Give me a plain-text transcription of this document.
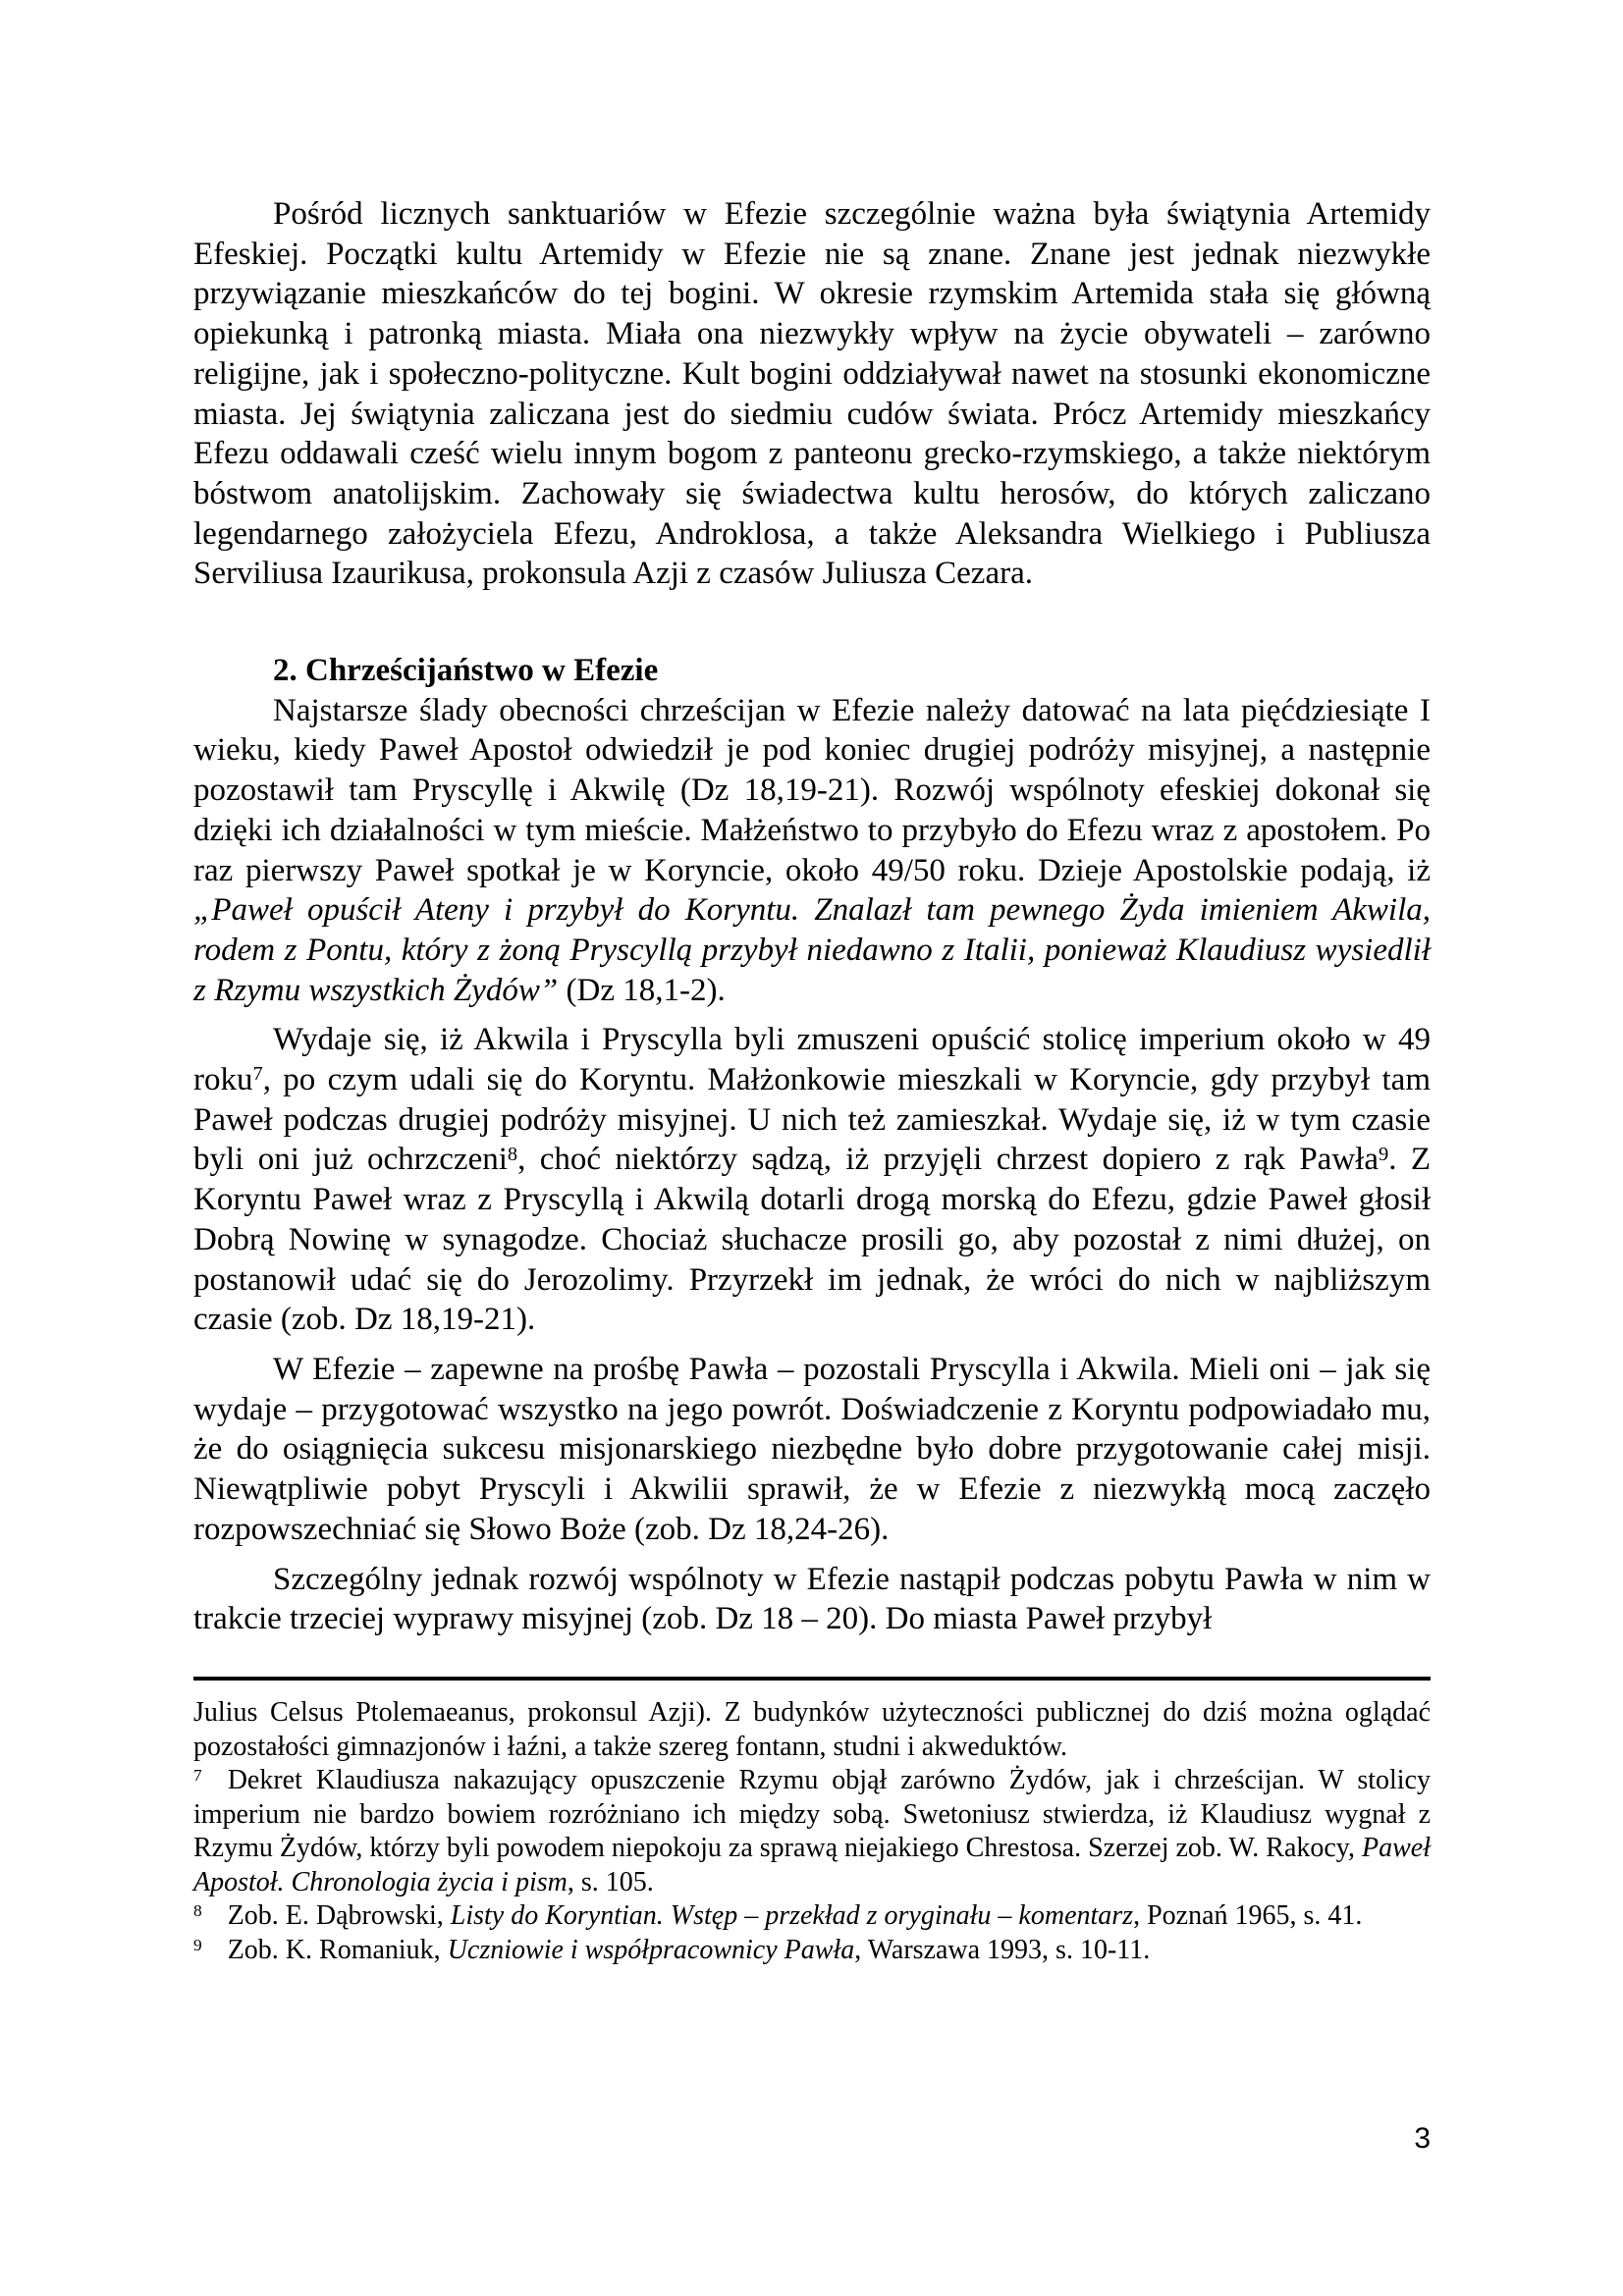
Pośród licznych sanktuariów w Efezie szczególnie ważna była świątynia Artemidy Efeskiej. Początki kultu Artemidy w Efezie nie są znane. Znane jest jednak niezwykłe przywiązanie mieszkańców do tej bogini. W okresie rzymskim Artemida stała się główną opiekunką i patronką miasta. Miała ona niezwykły wpływ na życie obywateli – zarówno religijne, jak i społeczno-polityczne. Kult bogini oddziaływał nawet na stosunki ekonomiczne miasta. Jej świątynia zaliczana jest do siedmiu cudów świata. Prócz Artemidy mieszkańcy Efezu oddawali cześć wielu innym bogom z panteonu grecko-rzymskiego, a także niektórym bóstwom anatolijskim. Zachowały się świadectwa kultu herosów, do których zaliczano legendarnego założyciela Efezu, Androklosa, a także Aleksandra Wielkiego i Publiusza Serviliusa Izaurikusa, prokonsula Azji z czasów Juliusza Cezara.

2. Chrześcijaństwo w Efezie

Najstarsze ślady obecności chrześcijan w Efezie należy datować na lata pięćdziesiąte I wieku, kiedy Paweł Apostoł odwiedził je pod koniec drugiej podróży misyjnej, a następnie pozostawił tam Pryscyllę i Akwilę (Dz 18,19-21). Rozwój wspólnoty efeskiej dokonał się dzięki ich działalności w tym mieście. Małżeństwo to przybyło do Efezu wraz z apostołem. Po raz pierwszy Paweł spotkał je w Koryncie, około 49/50 roku. Dzieje Apostolskie podają, iż „Paweł opuścił Ateny i przybył do Koryntu. Znalazł tam pewnego Żyda imieniem Akwila, rodem z Pontu, który z żoną Pryscyllą przybył niedawno z Italii, ponieważ Klaudiusz wysiedlił z Rzymu wszystkich Żydów” (Dz 18,1-2).

Wydaje się, iż Akwila i Pryscylla byli zmuszeni opuścić stolicę imperium około w 49 roku$^7$, po czym udali się do Koryntu. Małżonkowie mieszkali w Koryncie, gdy przybył tam Paweł podczas drugiej podróży misyjnej. U nich też zamieszkał. Wydaje się, iż w tym czasie byli oni już ochrzczeni$^8$, choć niektórzy sądzą, iż przyjęli chrzest dopiero z rąk Pawła$^9$. Z Koryntu Paweł wraz z Pryscyllą i Akwilą dotarli drogą morską do Efezu, gdzie Paweł głosił Dobrą Nowinę w synagodze. Chociaż słuchacze prosili go, aby pozostał z nimi dłużej, on postanowił udać się do Jerozolimy. Przyrzekł im jednak, że wróci do nich w najbliższym czasie (zob. Dz 18,19-21).

W Efezie – zapewne na prośbę Pawła – pozostali Pryscylla i Akwila. Mieli oni – jak się wydaje – przygotować wszystko na jego powrót. Doświadczenie z Koryntu podpowiadało mu, że do osiągnięcia sukcesu misjonarskiego niezbędne było dobre przygotowanie całej misji. Niewątpliwie pobyt Pryscyli i Akwilii sprawił, że w Efezie z niezwykłą mocą zaczęło rozpowszechniać się Słowo Boże (zob. Dz 18,24-26).

Szczególny jednak rozwój wspólnoty w Efezie nastąpił podczas pobytu Pawła w nim w trakcie trzeciej wyprawy misyjnej (zob. Dz 18 – 20). Do miasta Paweł przybył

Julius Celsus Ptolemaeanus, prokonsul Azji). Z budynków użyteczności publicznej do dziś można oglądać pozostałości gimnazjonów i łaźni, a także szereg fontann, studni i akweduktów.

$^7$ Dekret Klaudiusza nakazujący opuszczenie Rzymu objął zarówno Żydów, jak i chrześcijan. W stolicy imperium nie bardzo bowiem rozróżniano ich między sobą. Swetoniusz stwierdza, iż Klaudiusz wygnał z Rzymu Żydów, którzy byli powodem niepokoju za sprawą niejakiego Chrestosa. Szerzej zob. W. Rakocy, Paweł Apostoł. Chronologia życia i pism, s. 105.

$^8$ Zob. E. Dąbrowski, Listy do Koryntian. Wstęp – przekład z oryginału – komentarz, Poznań 1965, s. 41.

$^9$ Zob. K. Romaniuk, Uczniowie i współpracownicy Pawła, Warszawa 1993, s. 10-11.

3
